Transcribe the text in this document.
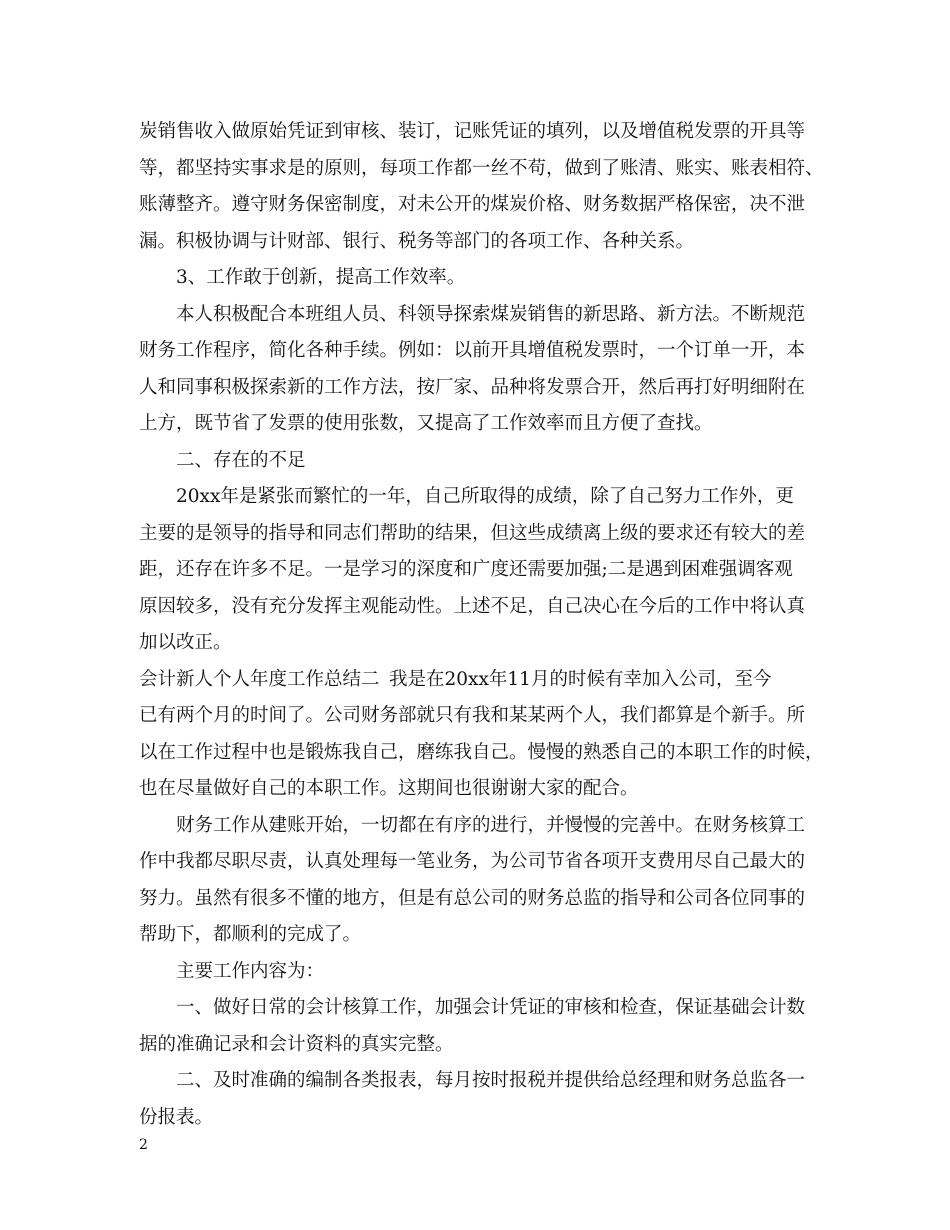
炭销售收入做原始凭证到审核、装订，记账凭证的填列，以及增值税发票的开具等
等，都坚持实事求是的原则，每项工作都一丝不苟，做到了账清、账实、账表相符、
账薄整齐。遵守财务保密制度，对未公开的煤炭价格、财务数据严格保密，决不泄
漏。积极协调与计财部、银行、税务等部门的各项工作、各种关系。
3、工作敢于创新，提高工作效率。
本人积极配合本班组人员、科领导探索煤炭销售的新思路、新方法。不断规范
财务工作程序，简化各种手续。例如：以前开具增值税发票时，一个订单一开，本
人和同事积极探索新的工作方法，按厂家、品种将发票合开，然后再打好明细附在
上方，既节省了发票的使用张数，又提高了工作效率而且方便了查找。
二、存在的不足
20xx年是紧张而繁忙的一年，自己所取得的成绩，除了自己努力工作外，更
主要的是领导的指导和同志们帮助的结果，但这些成绩离上级的要求还有较大的差
距，还存在许多不足。一是学习的深度和广度还需要加强;二是遇到困难强调客观
原因较多，没有充分发挥主观能动性。上述不足，自己决心在今后的工作中将认真
加以改正。
会计新人个人年度工作总结二 我是在20xx年11月的时候有幸加入公司，至今
已有两个月的时间了。公司财务部就只有我和某某两个人，我们都算是个新手。所
以在工作过程中也是锻炼我自己，磨练我自己。慢慢的熟悉自己的本职工作的时候，
也在尽量做好自己的本职工作。这期间也很谢谢大家的配合。
财务工作从建账开始，一切都在有序的进行，并慢慢的完善中。在财务核算工
作中我都尽职尽责，认真处理每一笔业务，为公司节省各项开支费用尽自己最大的
努力。虽然有很多不懂的地方，但是有总公司的财务总监的指导和公司各位同事的
帮助下，都顺利的完成了。
主要工作内容为：
一、做好日常的会计核算工作，加强会计凭证的审核和检查，保证基础会计数
据的准确记录和会计资料的真实完整。
二、及时准确的编制各类报表，每月按时报税并提供给总经理和财务总监各一
份报表。
2
